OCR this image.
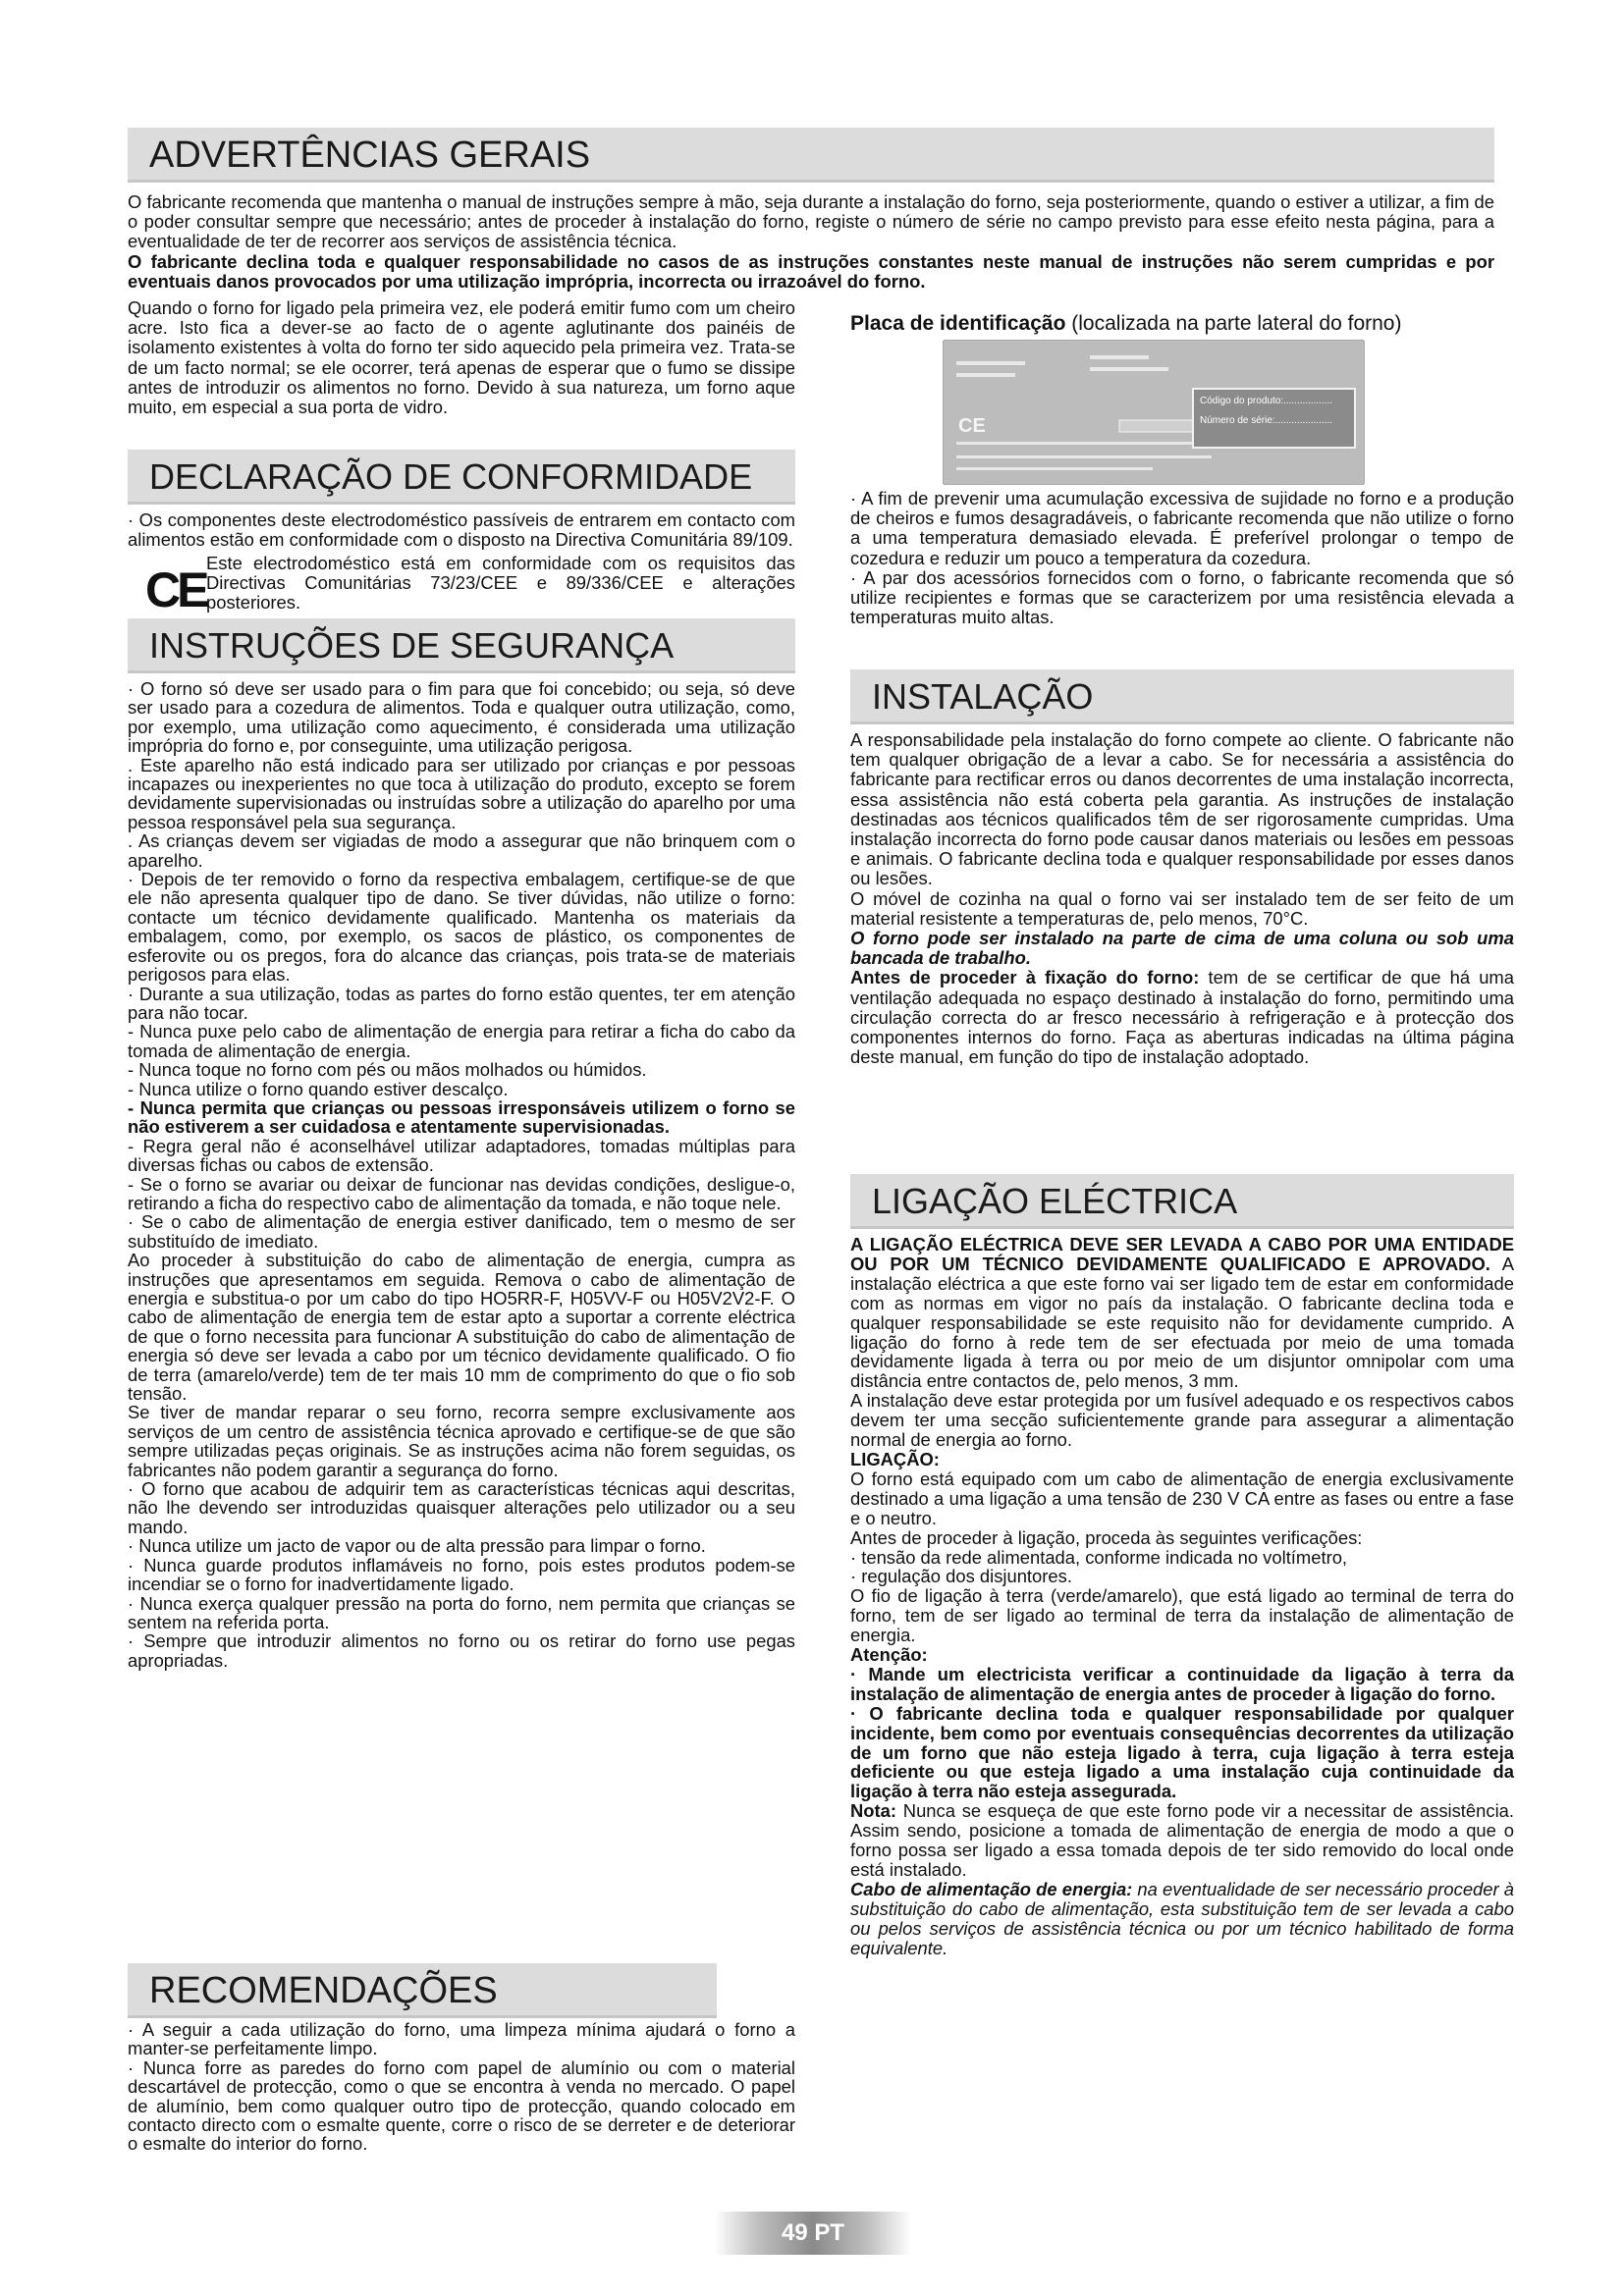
ADVERTÊNCIAS GERAIS

O fabricante recomenda que mantenha o manual de instruções sempre à mão, seja durante a instalação do forno, seja posteriormente, quando o estiver a utilizar, a fim de o poder consultar sempre que necessário; antes de proceder à instalação do forno, registe o número de série no campo previsto para esse efeito nesta página, para a eventualidade de ter de recorrer aos serviços de assistência técnica.

O fabricante declina toda e qualquer responsabilidade no casos de as instruções constantes neste manual de instruções não serem cumpridas e por eventuais danos provocados por uma utilização imprópria, incorrecta ou irrazoável do forno.

Quando o forno for ligado pela primeira vez, ele poderá emitir fumo com um cheiro acre. Isto fica a dever-se ao facto de o agente aglutinante dos painéis de isolamento existentes à volta do forno ter sido aquecido pela primeira vez. Trata-se de um facto normal; se ele ocorrer, terá apenas de esperar que o fumo se dissipe antes de introduzir os alimentos no forno. Devido à sua natureza, um forno aque muito, em especial a sua porta de vidro.

Placa de identificação (localizada na parte lateral do forno)
CE
Código do produto:..................
Número de série:.....................
DECLARAÇÃO DE CONFORMIDADE

· Os componentes deste electrodoméstico passíveis de entrarem em contacto com alimentos estão em conformidade com o disposto na Directiva Comunitária 89/109.

CE Este electrodoméstico está em conformidade com os requisitos das Directivas Comunitárias 73/23/CEE e 89/336/CEE e alterações posteriores.

INSTRUÇÕES DE SEGURANÇA

· O forno só deve ser usado para o fim para que foi concebido; ou seja, só deve ser usado para a cozedura de alimentos. Toda e qualquer outra utilização, como, por exemplo, uma utilização como aquecimento, é considerada uma utilização imprópria do forno e, por conseguinte, uma utilização perigosa.

. Este aparelho não está indicado para ser utilizado por crianças e por pessoas incapazes ou inexperientes no que toca à utilização do produto, excepto se forem devidamente supervisionadas ou instruídas sobre a utilização do aparelho por uma pessoa responsável pela sua segurança.

. As crianças devem ser vigiadas de modo a assegurar que não brinquem com o aparelho.

· Depois de ter removido o forno da respectiva embalagem, certifique-se de que ele não apresenta qualquer tipo de dano. Se tiver dúvidas, não utilize o forno: contacte um técnico devidamente qualificado. Mantenha os materiais da embalagem, como, por exemplo, os sacos de plástico, os componentes de esferovite ou os pregos, fora do alcance das crianças, pois trata-se de materiais perigosos para elas.

· Durante a sua utilização, todas as partes do forno estão quentes, ter em atenção para não tocar.

- Nunca puxe pelo cabo de alimentação de energia para retirar a ficha do cabo da tomada de alimentação de energia.

- Nunca toque no forno com pés ou mãos molhados ou húmidos.

- Nunca utilize o forno quando estiver descalço.

- Nunca permita que crianças ou pessoas irresponsáveis utilizem o forno se não estiverem a ser cuidadosa e atentamente supervisionadas.

- Regra geral não é aconselhável utilizar adaptadores, tomadas múltiplas para diversas fichas ou cabos de extensão.

- Se o forno se avariar ou deixar de funcionar nas devidas condições, desligue-o, retirando a ficha do respectivo cabo de alimentação da tomada, e não toque nele.

· Se o cabo de alimentação de energia estiver danificado, tem o mesmo de ser substituído de imediato.

Ao proceder à substituição do cabo de alimentação de energia, cumpra as instruções que apresentamos em seguida. Remova o cabo de alimentação de energia e substitua-o por um cabo do tipo HO5RR-F, H05VV-F ou H05V2V2-F. O cabo de alimentação de energia tem de estar apto a suportar a corrente eléctrica de que o forno necessita para funcionar A substituição do cabo de alimentação de energia só deve ser levada a cabo por um técnico devidamente qualificado. O fio de terra (amarelo/verde) tem de ter mais 10 mm de comprimento do que o fio sob tensão.

Se tiver de mandar reparar o seu forno, recorra sempre exclusivamente aos serviços de um centro de assistência técnica aprovado e certifique-se de que são sempre utilizadas peças originais. Se as instruções acima não forem seguidas, os fabricantes não podem garantir a segurança do forno.

· O forno que acabou de adquirir tem as características técnicas aqui descritas, não lhe devendo ser introduzidas quaisquer alterações pelo utilizador ou a seu mando.

· Nunca utilize um jacto de vapor ou de alta pressão para limpar o forno.

· Nunca guarde produtos inflamáveis no forno, pois estes produtos podem-se incendiar se o forno for inadvertidamente ligado.

· Nunca exerça qualquer pressão na porta do forno, nem permita que crianças se sentem na referida porta.

· Sempre que introduzir alimentos no forno ou os retirar do forno use pegas apropriadas.

RECOMENDAÇÕES

· A seguir a cada utilização do forno, uma limpeza mínima ajudará o forno a manter-se perfeitamente limpo.

· Nunca forre as paredes do forno com papel de alumínio ou com o material descartável de protecção, como o que se encontra à venda no mercado. O papel de alumínio, bem como qualquer outro tipo de protecção, quando colocado em contacto directo com o esmalte quente, corre o risco de se derreter e de deteriorar o esmalte do interior do forno.

· A fim de prevenir uma acumulação excessiva de sujidade no forno e a produção de cheiros e fumos desagradáveis, o fabricante recomenda que não utilize o forno a uma temperatura demasiado elevada. É preferível prolongar o tempo de cozedura e reduzir um pouco a temperatura da cozedura.

· A par dos acessórios fornecidos com o forno, o fabricante recomenda que só utilize recipientes e formas que se caracterizem por uma resistência elevada a temperaturas muito altas.

INSTALAÇÃO

A responsabilidade pela instalação do forno compete ao cliente. O fabricante não tem qualquer obrigação de a levar a cabo. Se for necessária a assistência do fabricante para rectificar erros ou danos decorrentes de uma instalação incorrecta, essa assistência não está coberta pela garantia. As instruções de instalação destinadas aos técnicos qualificados têm de ser rigorosamente cumpridas. Uma instalação incorrecta do forno pode causar danos materiais ou lesões em pessoas e animais. O fabricante declina toda e qualquer responsabilidade por esses danos ou lesões.

O móvel de cozinha na qual o forno vai ser instalado tem de ser feito de um material resistente a temperaturas de, pelo menos, 70°C.

O forno pode ser instalado na parte de cima de uma coluna ou sob uma bancada de trabalho.

Antes de proceder à fixação do forno: tem de se certificar de que há uma ventilação adequada no espaço destinado à instalação do forno, permitindo uma circulação correcta do ar fresco necessário à refrigeração e à protecção dos componentes internos do forno. Faça as aberturas indicadas na última página deste manual, em função do tipo de instalação adoptado.

LIGAÇÃO ELÉCTRICA

A LIGAÇÃO ELÉCTRICA DEVE SER LEVADA A CABO POR UMA ENTIDADE OU POR UM TÉCNICO DEVIDAMENTE QUALIFICADO E APROVADO. A instalação eléctrica a que este forno vai ser ligado tem de estar em conformidade com as normas em vigor no país da instalação. O fabricante declina toda e qualquer responsabilidade se este requisito não for devidamente cumprido. A ligação do forno à rede tem de ser efectuada por meio de uma tomada devidamente ligada à terra ou por meio de um disjuntor omnipolar com uma distância entre contactos de, pelo menos, 3 mm.

A instalação deve estar protegida por um fusível adequado e os respectivos cabos devem ter uma secção suficientemente grande para assegurar a alimentação normal de energia ao forno.

LIGAÇÃO:

O forno está equipado com um cabo de alimentação de energia exclusivamente destinado a uma ligação a uma tensão de 230 V CA entre as fases ou entre a fase e o neutro.

Antes de proceder à ligação, proceda às seguintes verificações:

· tensão da rede alimentada, conforme indicada no voltímetro,

· regulação dos disjuntores.

O fio de ligação à terra (verde/amarelo), que está ligado ao terminal de terra do forno, tem de ser ligado ao terminal de terra da instalação de alimentação de energia.

Atenção:

· Mande um electricista verificar a continuidade da ligação à terra da instalação de alimentação de energia antes de proceder à ligação do forno.

· O fabricante declina toda e qualquer responsabilidade por qualquer incidente, bem como por eventuais consequências decorrentes da utilização de um forno que não esteja ligado à terra, cuja ligação à terra esteja deficiente ou que esteja ligado a uma instalação cuja continuidade da ligação à terra não esteja assegurada.

Nota: Nunca se esqueça de que este forno pode vir a necessitar de assistência. Assim sendo, posicione a tomada de alimentação de energia de modo a que o forno possa ser ligado a essa tomada depois de ter sido removido do local onde está instalado.

Cabo de alimentação de energia: na eventualidade de ser necessário proceder à substituição do cabo de alimentação, esta substituição tem de ser levada a cabo ou pelos serviços de assistência técnica ou por um técnico habilitado de forma equivalente.

49 PT
